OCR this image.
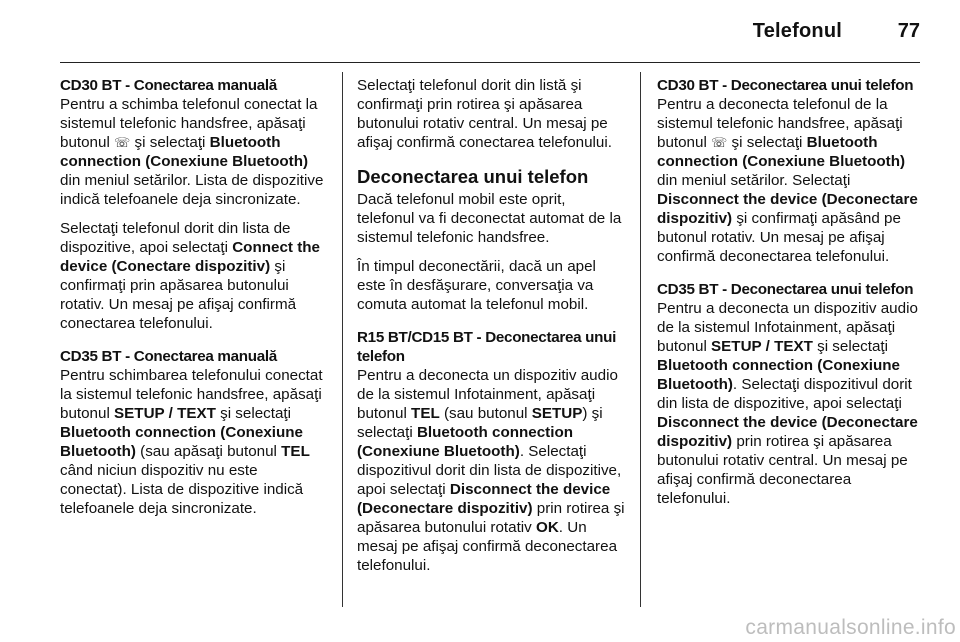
Telefonul	77
CD30 BT - Conectarea manuală

Pentru a schimba telefonul conectat la sistemul telefonic handsfree, apăsaţi butonul ☏ şi selectaţi Bluetooth connection (Conexiune Bluetooth) din meniul setărilor. Lista de dispozitive indică telefoanele deja sincronizate.

Selectaţi telefonul dorit din lista de dispozitive, apoi selectaţi Connect the device (Conectare dispozitiv) şi confirmaţi prin apăsarea butonului rotativ. Un mesaj pe afişaj confirmă conectarea telefonului.

CD35 BT - Conectarea manuală

Pentru schimbarea telefonului conectat la sistemul telefonic handsfree, apăsaţi butonul SETUP / TEXT şi selectaţi Bluetooth connection (Conexiune Bluetooth) (sau apăsaţi butonul TEL când niciun dispozitiv nu este conectat). Lista de dispozitive indică telefoanele deja sincronizate.

Selectaţi telefonul dorit din listă şi confirmaţi prin rotirea şi apăsarea butonului rotativ central. Un mesaj pe afişaj confirmă conectarea telefonului.

Deconectarea unui telefon

Dacă telefonul mobil este oprit, telefonul va fi deconectat automat de la sistemul telefonic handsfree.

În timpul deconectării, dacă un apel este în desfăşurare, conversaţia va comuta automat la telefonul mobil.

R15 BT/CD15 BT - Deconectarea unui telefon

Pentru a deconecta un dispozitiv audio de la sistemul Infotainment, apăsaţi butonul TEL (sau butonul SETUP) şi selectaţi Bluetooth connection (Conexiune Bluetooth). Selectaţi dispozitivul dorit din lista de dispozitive, apoi selectaţi Disconnect the device (Deconectare dispozitiv) prin rotirea şi apăsarea butonului rotativ OK. Un mesaj pe afişaj confirmă deconectarea telefonului.

CD30 BT - Deconectarea unui telefon

Pentru a deconecta telefonul de la sistemul telefonic handsfree, apăsaţi butonul ☏ şi selectaţi Bluetooth connection (Conexiune Bluetooth) din meniul setărilor. Selectaţi Disconnect the device (Deconectare dispozitiv) şi confirmaţi apăsând pe butonul rotativ. Un mesaj pe afişaj confirmă deconectarea telefonului.

CD35 BT - Deconectarea unui telefon

Pentru a deconecta un dispozitiv audio de la sistemul Infotainment, apăsaţi butonul SETUP / TEXT şi selectaţi Bluetooth connection (Conexiune Bluetooth). Selectaţi dispozitivul dorit din lista de dispozitive, apoi selectaţi Disconnect the device (Deconectare dispozitiv) prin rotirea şi apăsarea butonului rotativ central. Un mesaj pe afişaj confirmă deconectarea telefonului.

carmanualsonline.info
